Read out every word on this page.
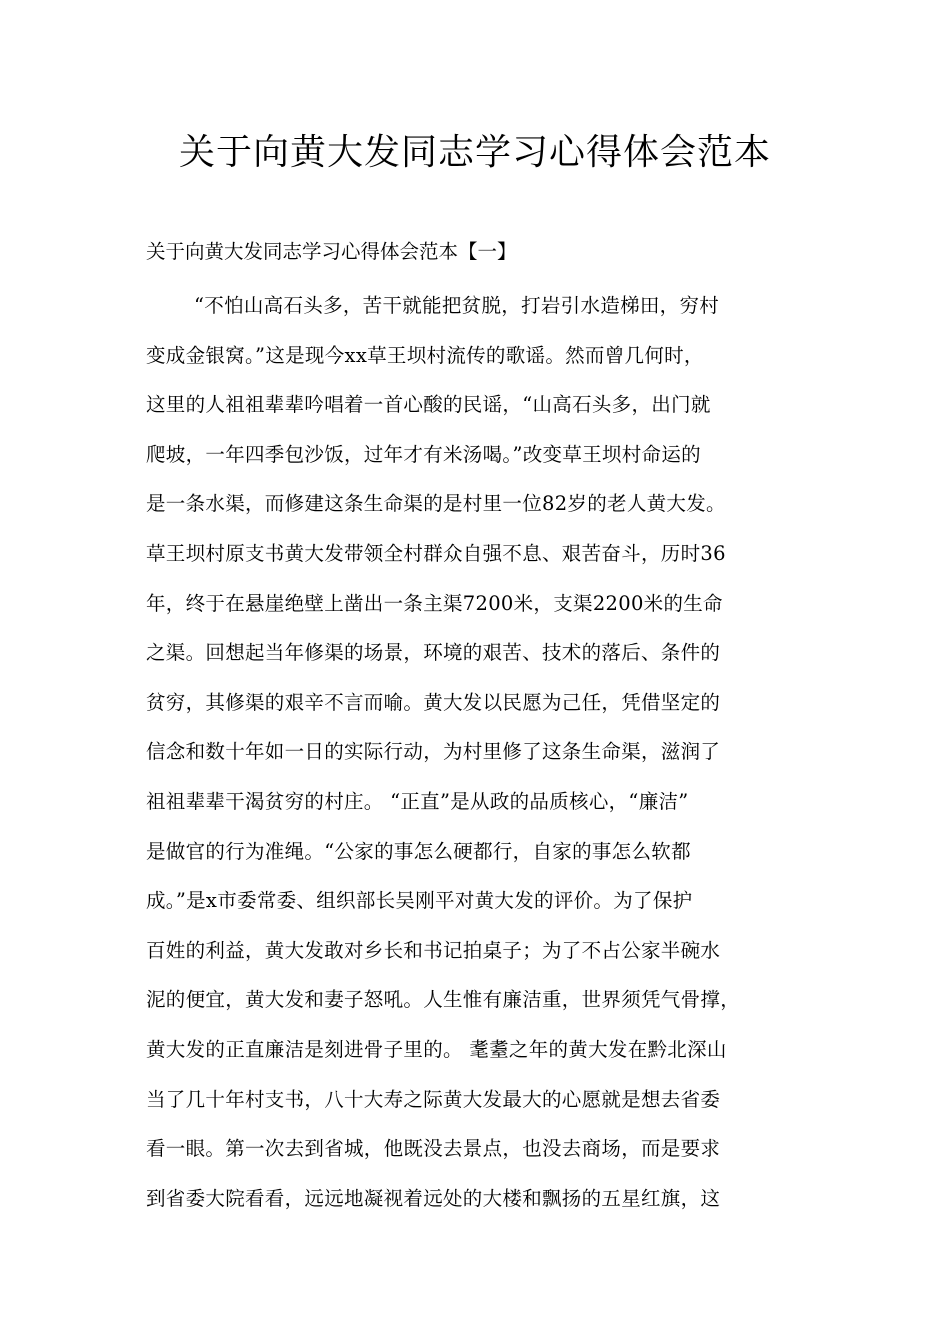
关于向黄大发同志学习心得体会范本
关于向黄大发同志学习心得体会范本【一】
“不怕山高石头多，苦干就能把贫脱，打岩引水造梯田，穷村
变成金银窝。”这是现今xx草王坝村流传的歌谣。然而曾几何时，
这里的人祖祖辈辈吟唱着一首心酸的民谣，“山高石头多，出门就
爬坡，一年四季包沙饭，过年才有米汤喝。”改变草王坝村命运的
是一条水渠，而修建这条生命渠的是村里一位82岁的老人黄大发。
草王坝村原支书黄大发带领全村群众自强不息、艰苦奋斗，历时36
年，终于在悬崖绝壁上凿出一条主渠7200米，支渠2200米的生命
之渠。回想起当年修渠的场景，环境的艰苦、技术的落后、条件的
贫穷，其修渠的艰辛不言而喻。黄大发以民愿为己任，凭借坚定的
信念和数十年如一日的实际行动，为村里修了这条生命渠，滋润了
祖祖辈辈干渴贫穷的村庄。 “正直”是从政的品质核心，“廉洁”
是做官的行为准绳。“公家的事怎么硬都行，自家的事怎么软都
成。”是x市委常委、组织部长吴刚平对黄大发的评价。为了保护
百姓的利益，黄大发敢对乡长和书记拍桌子；为了不占公家半碗水
泥的便宜，黄大发和妻子怒吼。人生惟有廉洁重，世界须凭气骨撑，
黄大发的正直廉洁是刻进骨子里的。 耄耋之年的黄大发在黔北深山
当了几十年村支书，八十大寿之际黄大发最大的心愿就是想去省委
看一眼。第一次去到省城，他既没去景点，也没去商场，而是要求
到省委大院看看，远远地凝视着远处的大楼和飘扬的五星红旗，这
